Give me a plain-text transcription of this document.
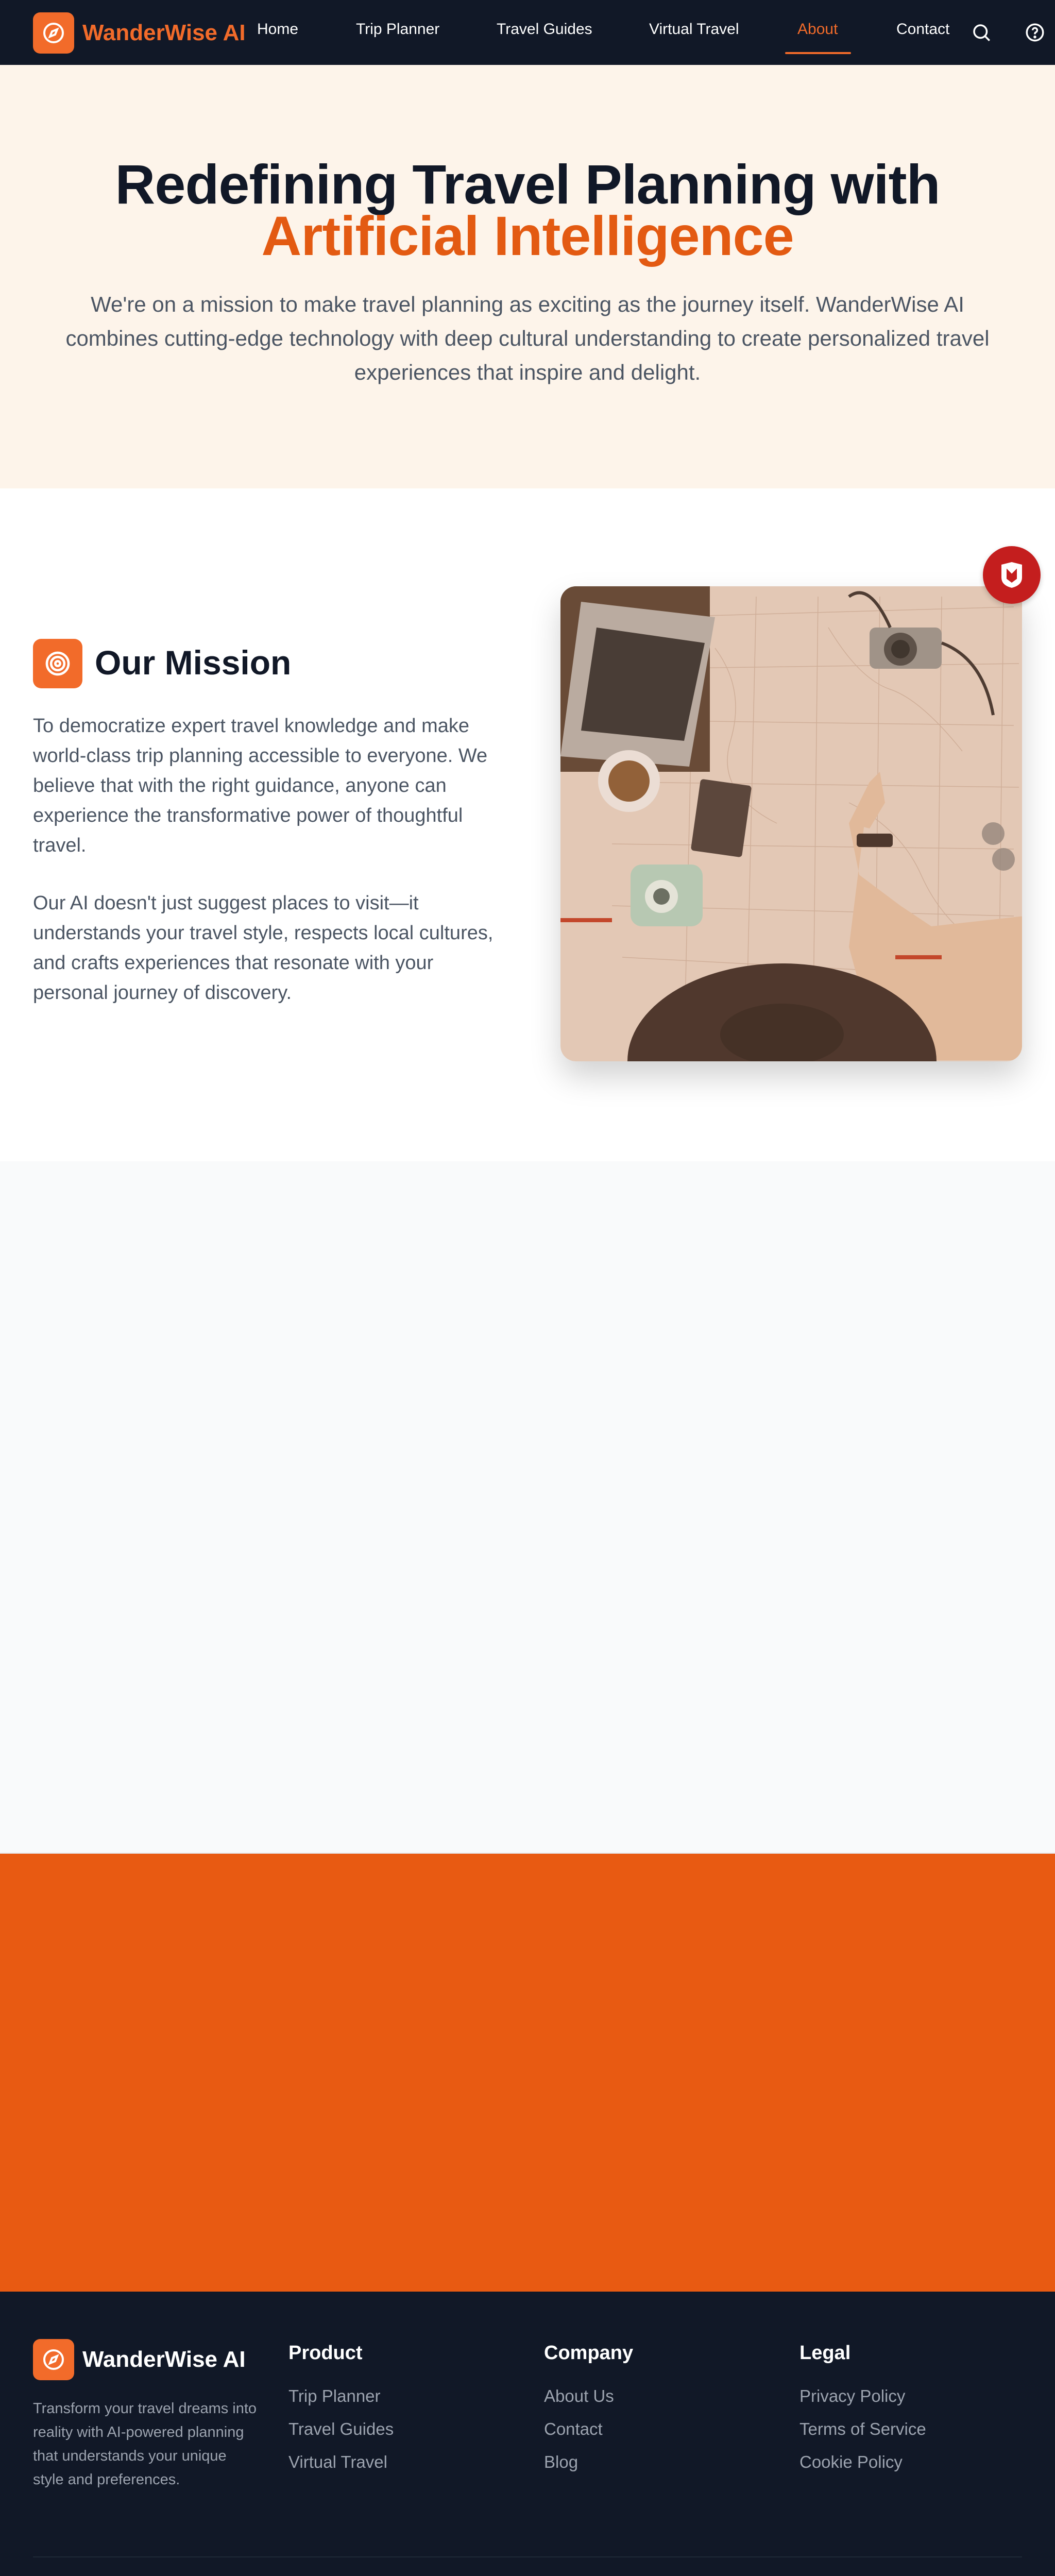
WanderWise AI Home	Trip Planner	Travel Guides	Virtual Travel	About	Contact
Redefining Travel Planning with
Artificial Intelligence

We're on a mission to make travel planning as exciting as the journey itself. WanderWise AI combines cutting-edge technology with deep cultural understanding to create personalized travel experiences that inspire and delight.

Our Mission

To democratize expert travel knowledge and make world-class trip planning accessible to everyone. We believe that with the right guidance, anyone can experience the transformative power of thoughtful travel.

Our AI doesn't just suggest places to visit—it understands your travel style, respects local cultures, and crafts experiences that resonate with your personal journey of discovery.

WanderWise AI

Transform your travel dreams into reality with AI-powered planning that understands your unique style and preferences.

Product
Trip Planner
Travel Guides
Virtual Travel
Company
About Us
Contact
Blog
Legal
Privacy Policy
Terms of Service
Cookie Policy
